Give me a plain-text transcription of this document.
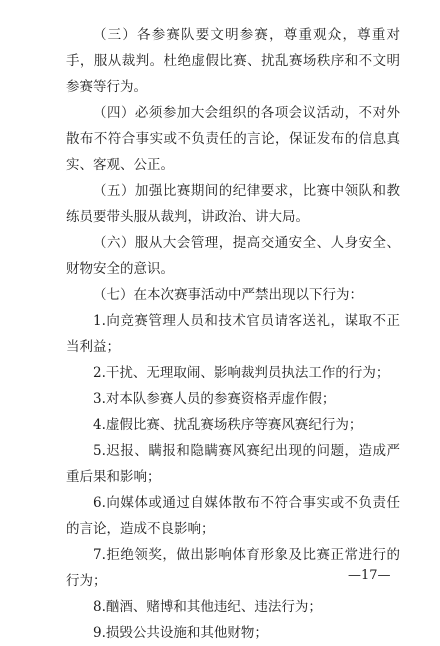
（三）各参赛队要文明参赛，尊重观众，尊重对手，服从裁判。杜绝虚假比赛、扰乱赛场秩序和不文明参赛等行为。

（四）必须参加大会组织的各项会议活动，不对外散布不符合事实或不负责任的言论，保证发布的信息真实、客观、公正。

（五）加强比赛期间的纪律要求，比赛中领队和教练员要带头服从裁判，讲政治、讲大局。

（六）服从大会管理，提高交通安全、人身安全、财物安全的意识。

（七）在本次赛事活动中严禁出现以下行为：

1.向竞赛管理人员和技术官员请客送礼，谋取不正当利益；

2.干扰、无理取闹、影响裁判员执法工作的行为；

3.对本队参赛人员的参赛资格弄虚作假；

4.虚假比赛、扰乱赛场秩序等赛风赛纪行为；

5.迟报、瞒报和隐瞒赛风赛纪出现的问题，造成严重后果和影响；

6.向媒体或通过自媒体散布不符合事实或不负责任的言论，造成不良影响；

7.拒绝领奖，做出影响体育形象及比赛正常进行的行为；

8.酗酒、赌博和其他违纪、违法行为；

9.损毁公共设施和其他财物；

—17—
